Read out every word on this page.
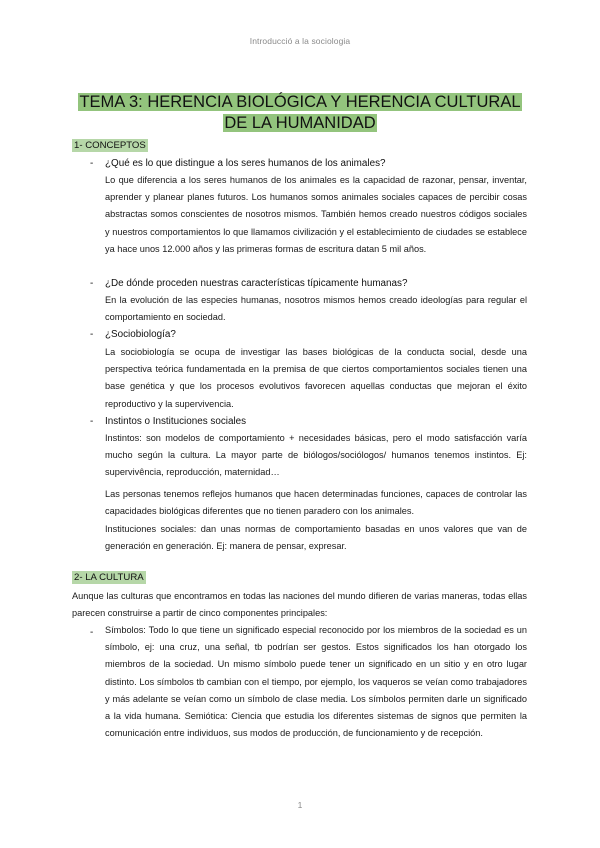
Introducció a la sociologia
TEMA 3: HERENCIA BIOLÓGICA Y HERENCIA CULTURAL
DE LA HUMANIDAD
1- CONCEPTOS
- ¿Qué es lo que distingue a los seres humanos de los animales?
Lo que diferencia a los seres humanos de los animales es la capacidad de razonar, pensar, inventar, aprender y planear planes futuros. Los humanos somos animales sociales capaces de percibir cosas abstractas somos conscientes de nosotros mismos. También hemos creado nuestros códigos sociales y nuestros comportamientos lo que llamamos civilización y el establecimiento de ciudades se establece ya hace unos 12.000 años y las primeras formas de escritura datan 5 mil años.
- ¿De dónde proceden nuestras características típicamente humanas?
En la evolución de las especies humanas, nosotros mismos hemos creado ideologías para regular el comportamiento en sociedad.
- ¿Sociobiología?
La sociobiología se ocupa de investigar las bases biológicas de la conducta social, desde una perspectiva teórica fundamentada en la premisa de que ciertos comportamientos sociales tienen una base genética y que los procesos evolutivos favorecen aquellas conductas que mejoran el éxito reproductivo y la supervivencia.
- Instintos o Instituciones sociales
Instintos: son modelos de comportamiento + necesidades básicas, pero el modo satisfacción varía mucho según la cultura. La mayor parte de biólogos/sociólogos/ humanos tenemos instintos. Ej: supervivência, reproducción, maternidad…
Las personas tenemos reflejos humanos que hacen determinadas funciones, capaces de controlar las capacidades biológicas diferentes que no tienen paradero con los animales.
Instituciones sociales: dan unas normas de comportamiento basadas en unos valores que van de generación en generación. Ej: manera de pensar, expresar.
2- LA CULTURA
Aunque las culturas que encontramos en todas las naciones del mundo difieren de varias maneras, todas ellas parecen construirse a partir de cinco componentes principales:
- Símbolos: Todo lo que tiene un significado especial reconocido por los miembros de la sociedad es un símbolo, ej: una cruz, una señal, tb podrían ser gestos. Estos significados los han otorgado los miembros de la sociedad. Un mismo símbolo puede tener un significado en un sitio y en otro lugar distinto. Los símbolos tb cambian con el tiempo, por ejemplo, los vaqueros se veían como trabajadores y más adelante se veían como un símbolo de clase media. Los símbolos permiten darle un significado a la vida humana. Semiótica: Ciencia que estudia los diferentes sistemas de signos que permiten la comunicación entre individuos, sus modos de producción, de funcionamiento y de recepción.
1
